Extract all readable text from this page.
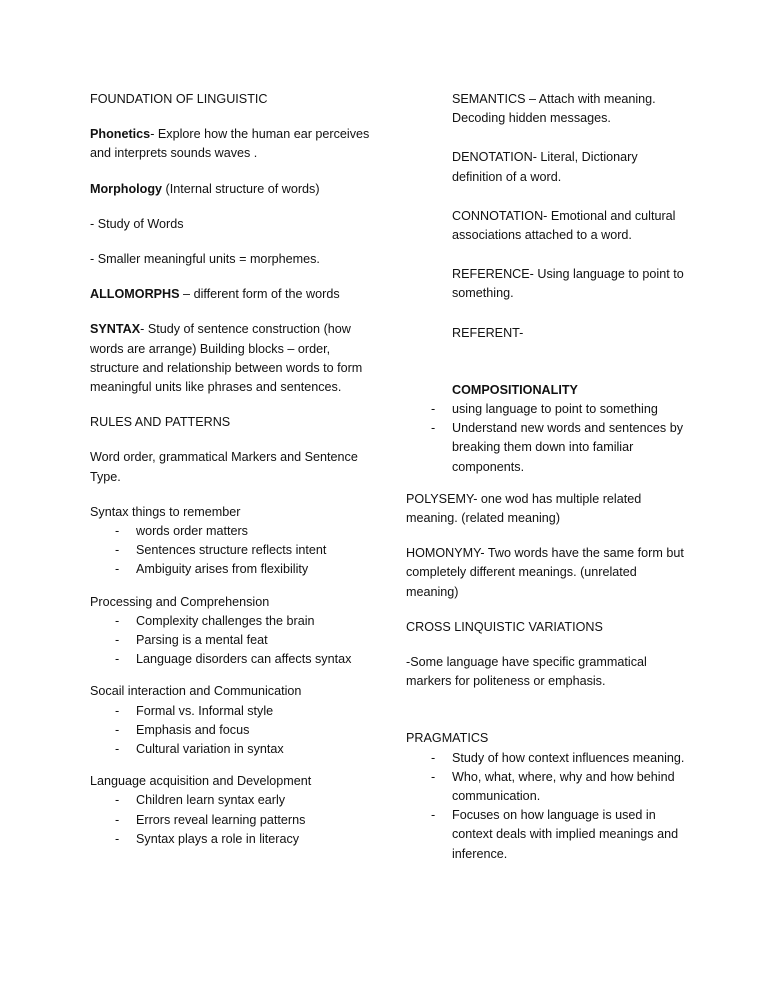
FOUNDATION OF LINGUISTIC

Phonetics- Explore how the human ear perceives and interprets sounds waves .

Morphology (Internal structure of words)

- Study of Words

- Smaller meaningful units = morphemes.

ALLOMORPHS – different form of the words

SYNTAX- Study of sentence construction (how words are arrange) Building blocks – order, structure and relationship between words to form meaningful units like phrases and sentences.

RULES AND PATTERNS

Word order, grammatical Markers and Sentence Type.

Syntax things to remember

- words order matters
- Sentences structure reflects intent
- Ambiguity arises from flexibility

Processing and Comprehension

- Complexity challenges the brain
- Parsing is a mental feat
- Language disorders can affects syntax

Socail interaction and Communication

- Formal vs. Informal style
- Emphasis and focus
- Cultural variation in syntax

Language acquisition and Development

- Children learn syntax early
- Errors reveal learning patterns
- Syntax plays a role in literacy

SEMANTICS – Attach with meaning. Decoding hidden messages.

DENOTATION- Literal, Dictionary definition of a word.

CONNOTATION- Emotional and cultural associations attached to a word.

REFERENCE- Using language to point to something.

REFERENT-

COMPOSITIONALITY

- using language to point to something
- Understand new words and sentences by breaking them down into familiar components.

POLYSEMY- one wod has multiple related meaning. (related meaning)

HOMONYMY- Two words have the same form but completely different meanings. (unrelated meaning)

CROSS LINQUISTIC VARIATIONS

-Some language have specific grammatical markers for politeness or emphasis.

PRAGMATICS

- Study of how context influences meaning.
- Who, what, where, why and how behind communication.
- Focuses on how language is used in context deals with implied meanings and inference.
